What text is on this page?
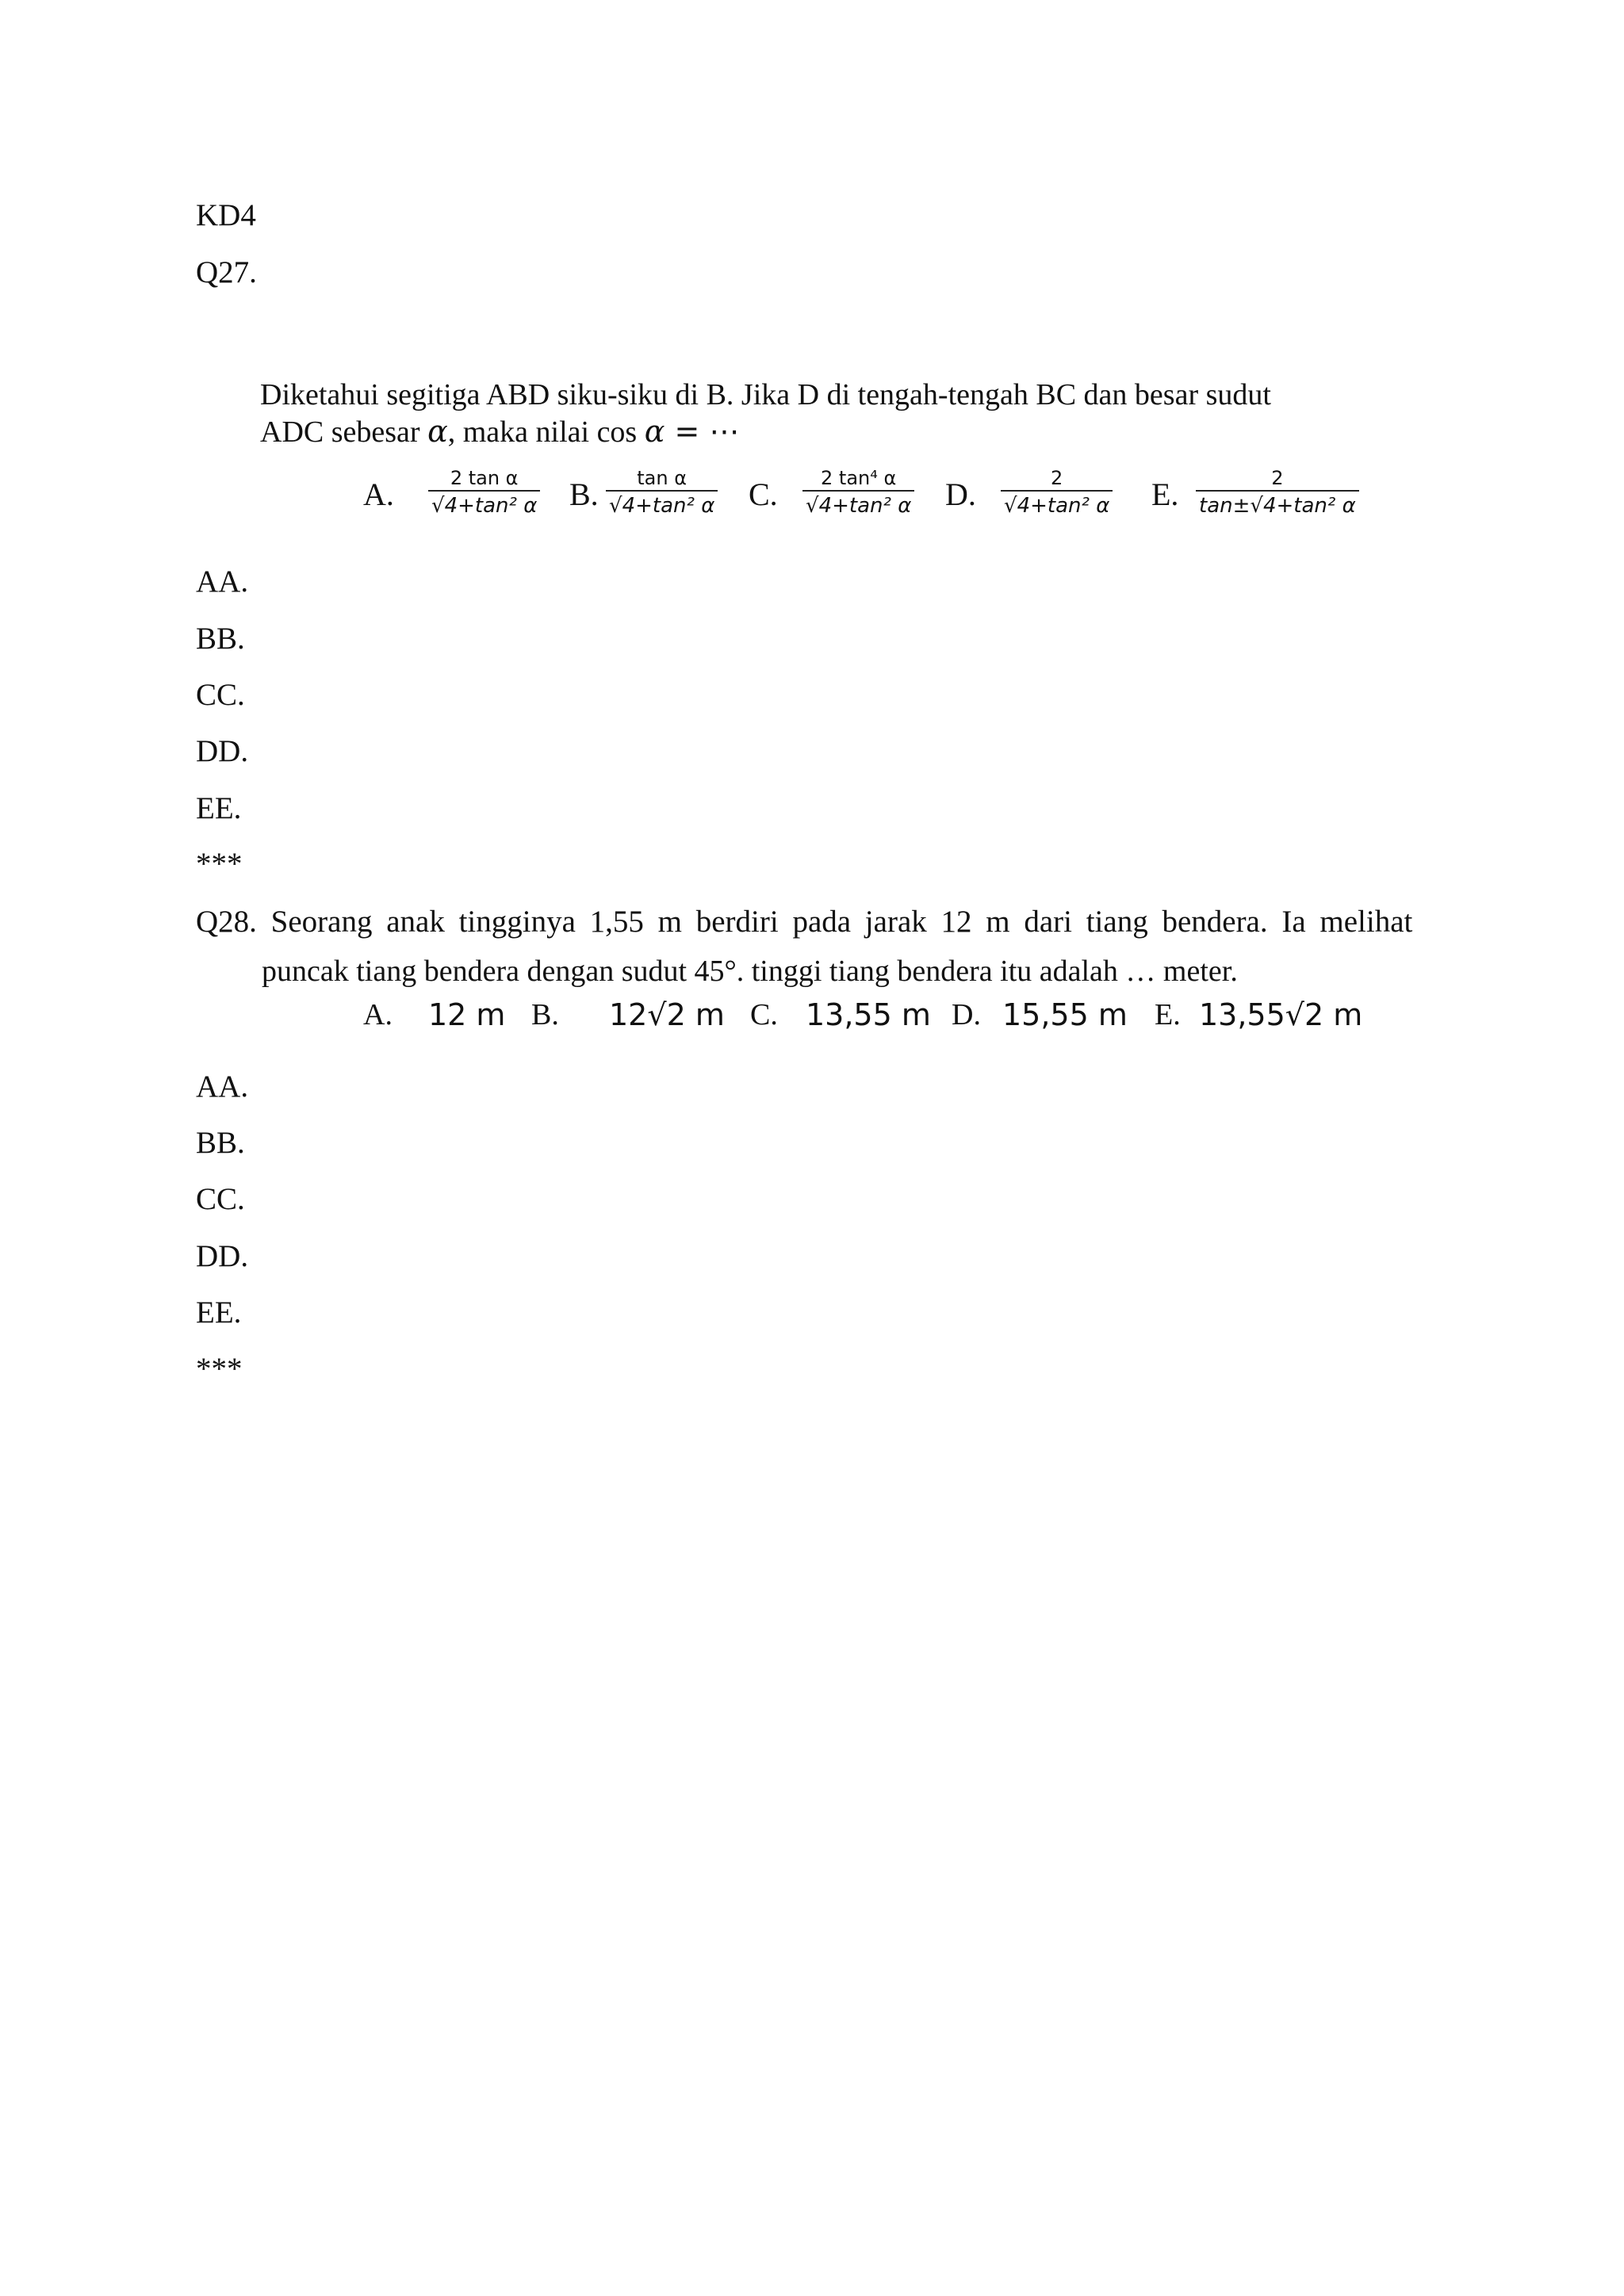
KD4
Q27.
Diketahui segitiga ABD siku-siku di B. Jika D di tengah-tengah BC dan besar sudut
ADC sebesar α, maka nilai cos α = ⋯
A. $\frac{\text{2 tan α}}{\text{√4+tan² α}} B$. $\frac{\text{tan α}}{\text{√4+tan² α}} C$. $\frac{\text{2 tan⁴ α}}{\text{√4+tan² α}} D$. $\frac{2}{\text{√4+tan² α}} E$. $\frac{2}{\text{tan±√4+tan² α}}$
AA.
BB.
CC.
DD.
EE.
***
Q28. Seorang anak tingginya 1,55 m berdiri pada jarak 12 m dari tiang bendera. Ia melihat
puncak tiang bendera dengan sudut 45°. tinggi tiang bendera itu adalah … meter.
A. 12 m B. 12√2 m C. 13,55 m D. 15,55 m E. 13,55√2 m
AA.
BB.
CC.
DD.
EE.
***
